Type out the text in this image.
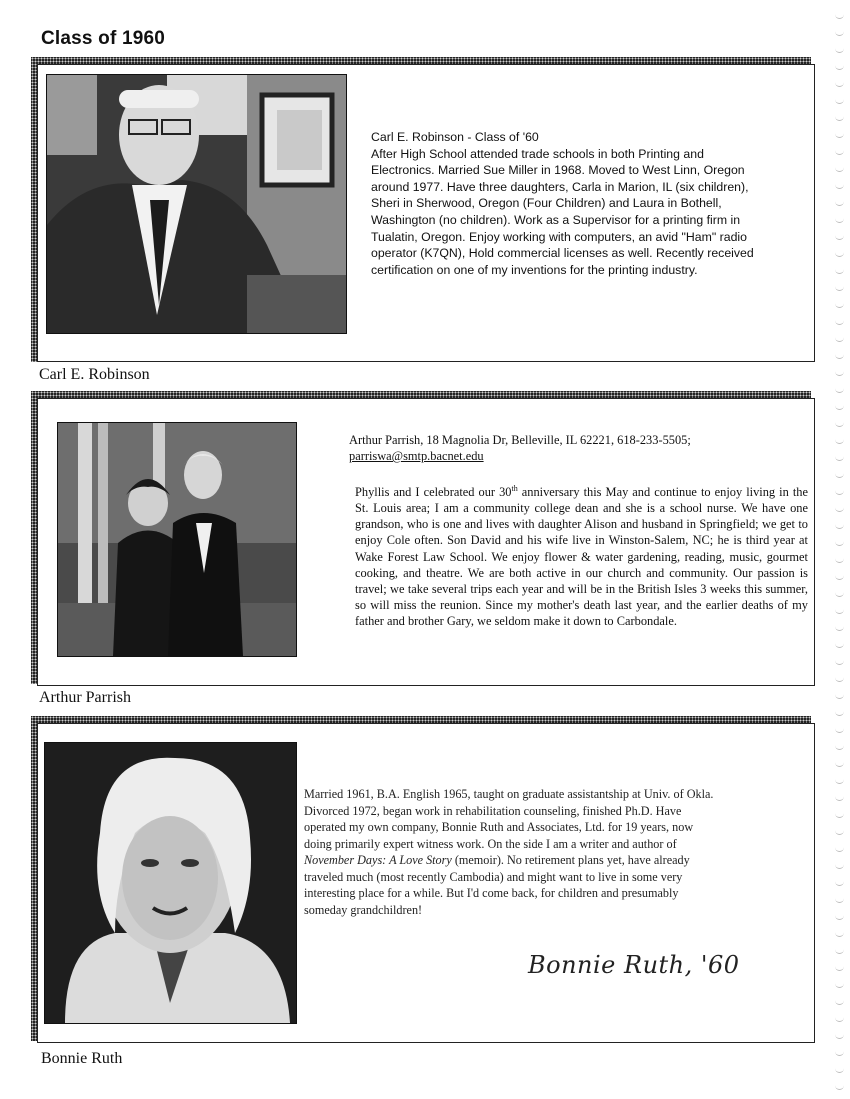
Class of 1960

Carl E. Robinson - Class of '60

After High School attended trade schools in both Printing and

Electronics. Married Sue Miller in 1968. Moved to West Linn, Oregon

around 1977. Have three daughters, Carla in Marion, IL (six children),

Sheri in Sherwood, Oregon (Four Children) and Laura in Bothell,

Washington (no children). Work as a Supervisor for a printing firm in

Tualatin, Oregon. Enjoy working with computers, an avid "Ham" radio

operator (K7QN), Hold commercial licenses as well. Recently received

certification on one of my inventions for the printing industry.

Carl E. Robinson

Arthur Parrish, 18 Magnolia Dr, Belleville, IL 62221, 618-233-5505;

parriswa@smtp.bacnet.edu

Phyllis and I celebrated our 30th anniversary this May and continue to enjoy living in the St. Louis area; I am a community college dean and she is a school nurse. We have one grandson, who is one and lives with daughter Alison and husband in Springfield; we get to enjoy Cole often. Son David and his wife live in Winston-Salem, NC; he is third year at Wake Forest Law School. We enjoy flower & water gardening, reading, music, gourmet cooking, and theatre. We are both active in our church and community. Our passion is travel; we take several trips each year and will be in the British Isles 3 weeks this summer, so will miss the reunion. Since my mother's death last year, and the earlier deaths of my father and brother Gary, we seldom make it down to Carbondale.

Arthur Parrish

Married 1961, B.A. English 1965, taught on graduate assistantship at Univ. of Okla.

Divorced 1972, began work in rehabilitation counseling, finished Ph.D. Have

operated my own company, Bonnie Ruth and Associates, Ltd. for 19 years, now

doing primarily expert witness work. On the side I am a writer and author of

November Days: A Love Story (memoir). No retirement plans yet, have already

traveled much (most recently Cambodia) and might want to live in some very

interesting place for a while. But I'd come back, for children and presumably

someday grandchildren!

Bonnie Ruth, '60
Bonnie Ruth
